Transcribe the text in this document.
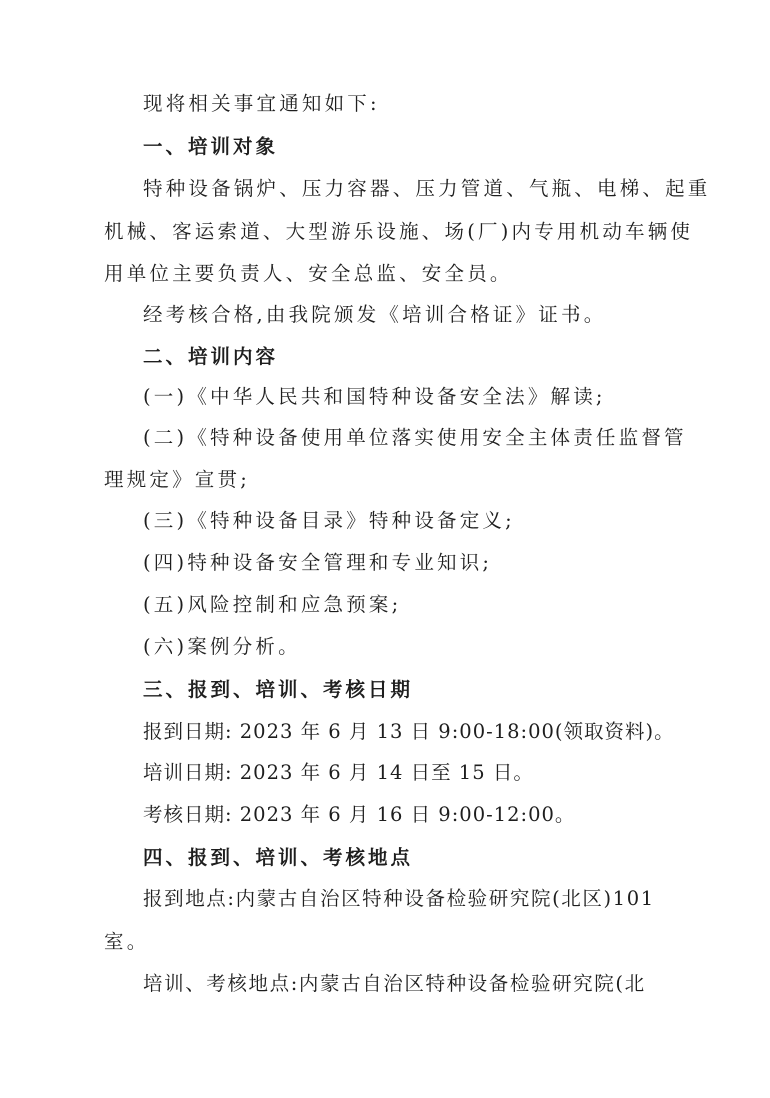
现将相关事宜通知如下:
一、培训对象
特种设备锅炉、压力容器、压力管道、气瓶、电梯、起重
机械、客运索道、大型游乐设施、场(厂)内专用机动车辆使
用单位主要负责人、安全总监、安全员。
经考核合格,由我院颁发《培训合格证》证书。
二、培训内容
(一)《中华人民共和国特种设备安全法》解读;
(二)《特种设备使用单位落实使用安全主体责任监督管
理规定》宣贯;
(三)《特种设备目录》特种设备定义;
(四)特种设备安全管理和专业知识;
(五)风险控制和应急预案;
(六)案例分析。
三、报到、培训、考核日期
报到日期: 2023 年 6 月 13 日 9:00-18:00(领取资料)。
培训日期: 2023 年 6 月 14 日至 15 日。
考核日期: 2023 年 6 月 16 日 9:00-12:00。
四、报到、培训、考核地点
报到地点:内蒙古自治区特种设备检验研究院(北区)101
室。
培训、考核地点:内蒙古自治区特种设备检验研究院(北
